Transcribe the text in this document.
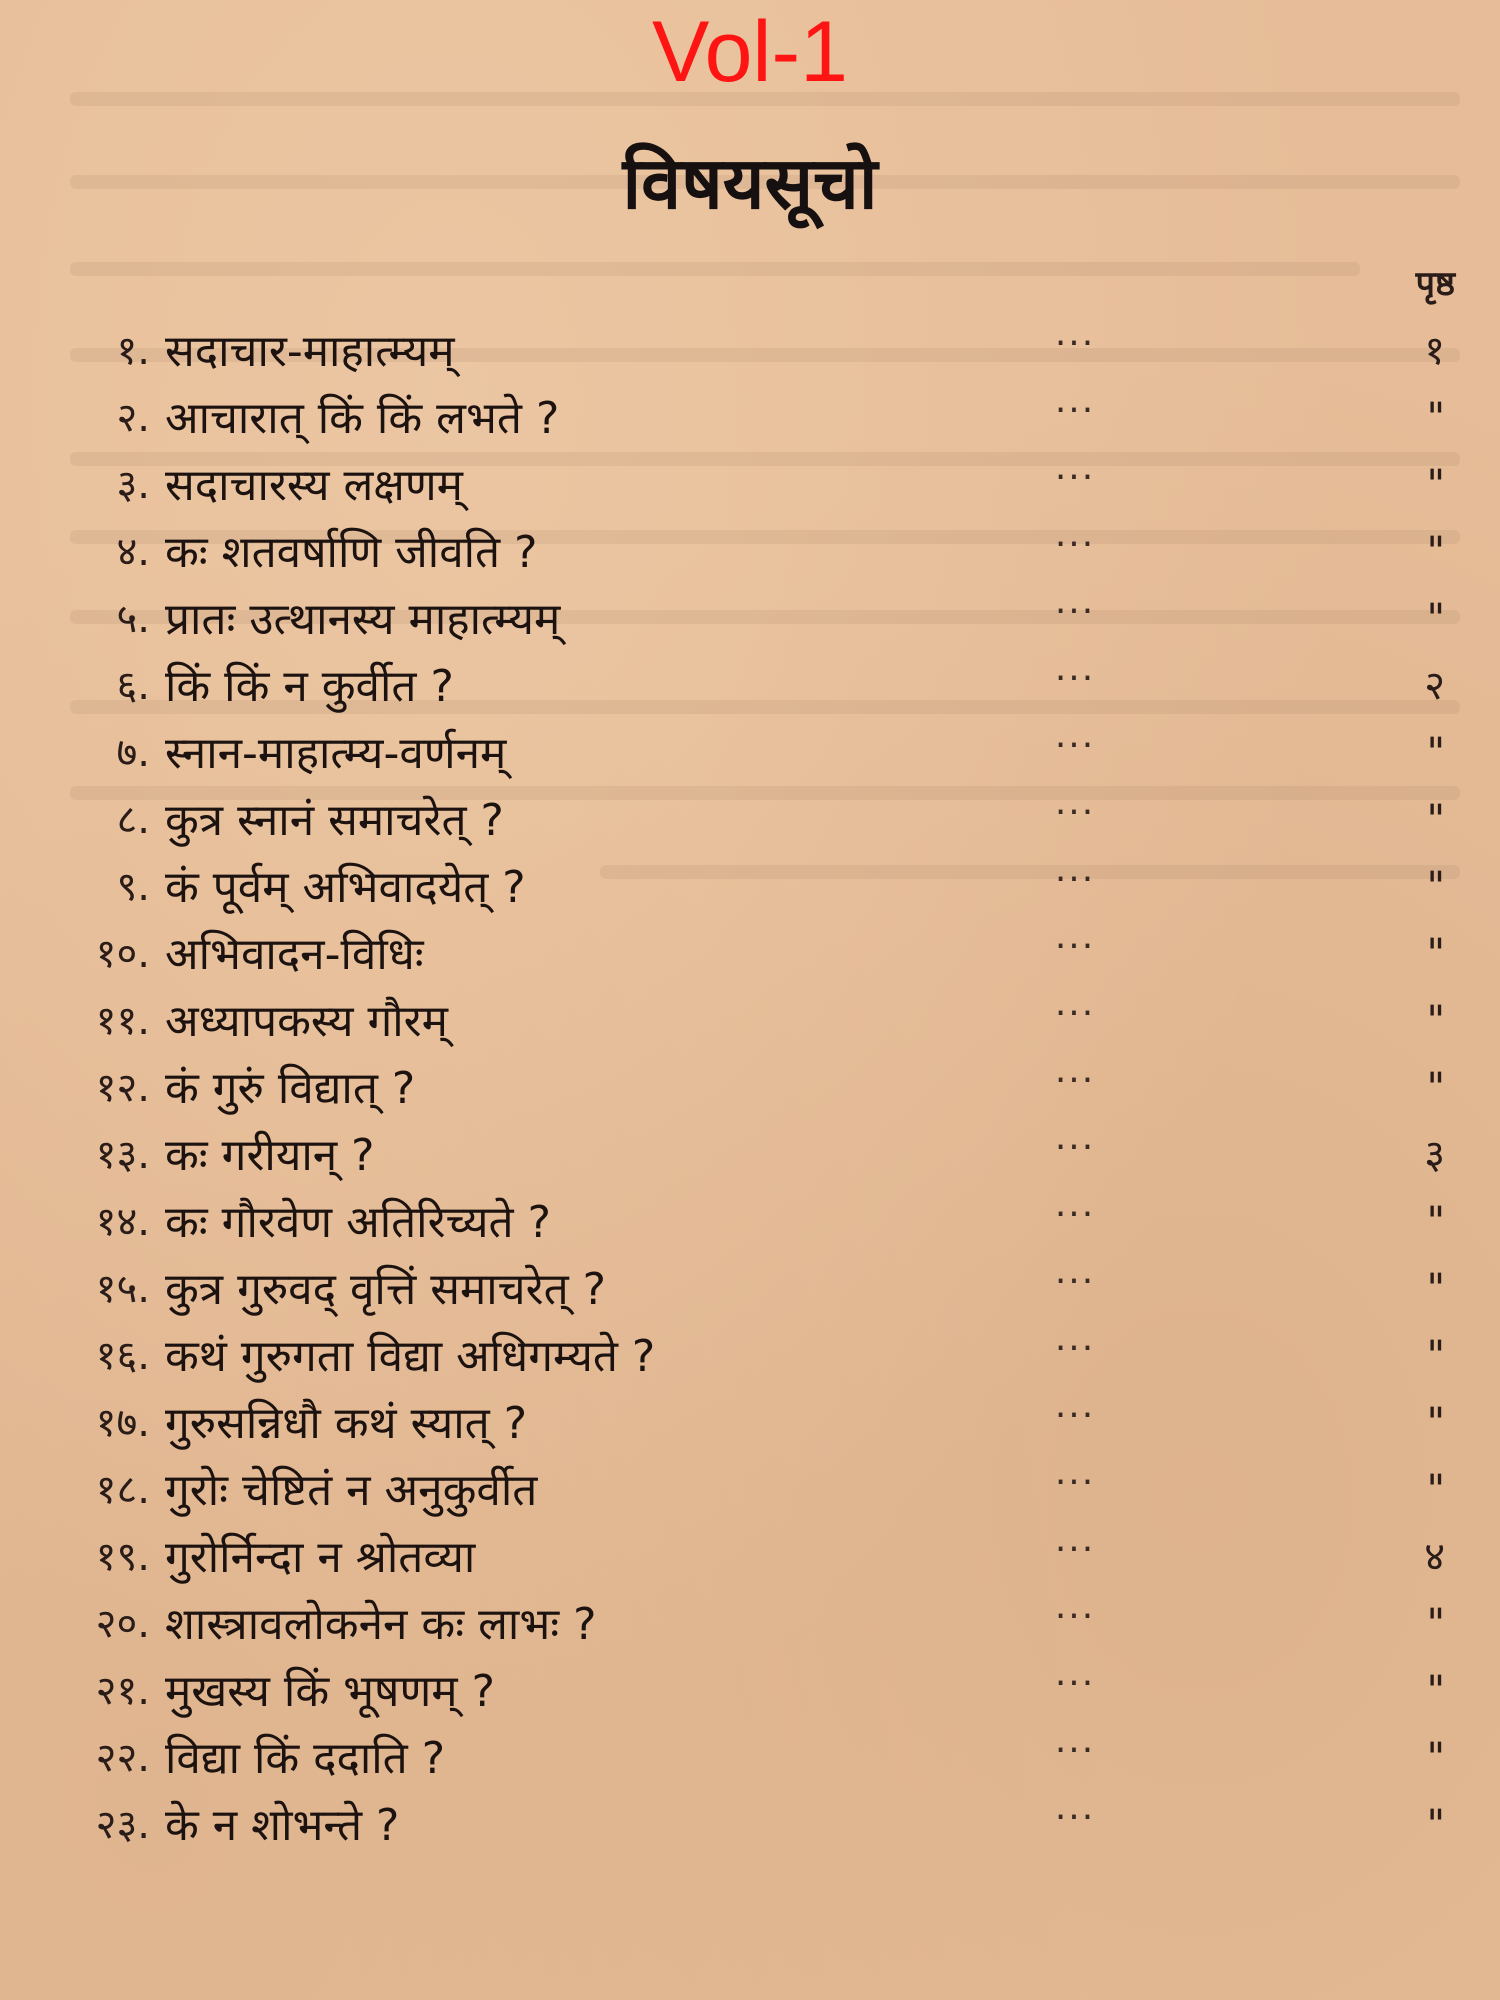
Vol-1
विषयसूचो
पृष्ठ
१. सदाचार-माहात्म्यम्	···	१
२. आचारात् किं किं लभते ?	···	"
३. सदाचारस्य लक्षणम्	···	"
४. कः शतवर्षाणि जीवति ?	···	"
५. प्रातः उत्थानस्य माहात्म्यम्	···	"
६. किं किं न कुर्वीत ?	···	२
७. स्नान-माहात्म्य-वर्णनम्	···	"
८. कुत्र स्नानं समाचरेत् ?	···	"
९. कं पूर्वम् अभिवादयेत् ?	···	"
१०. अभिवादन-विधिः	···	"
११. अध्यापकस्य गौरम्	···	"
१२. कं गुरुं विद्यात् ?	···	"
१३. कः गरीयान् ?	···	३
१४. कः गौरवेण अतिरिच्यते ?	···	"
१५. कुत्र गुरुवद् वृत्तिं समाचरेत् ?	···	"
१६. कथं गुरुगता विद्या अधिगम्यते ?	···	"
१७. गुरुसन्निधौ कथं स्यात् ?	···	"
१८. गुरोः चेष्टितं न अनुकुर्वीत	···	"
१९. गुरोर्निन्दा न श्रोतव्या	···	४
२०. शास्त्रावलोकनेन कः लाभः ?	···	"
२१. मुखस्य किं भूषणम् ?	···	"
२२. विद्या किं ददाति ?	···	"
२३. के न शोभन्ते ?	···	"
